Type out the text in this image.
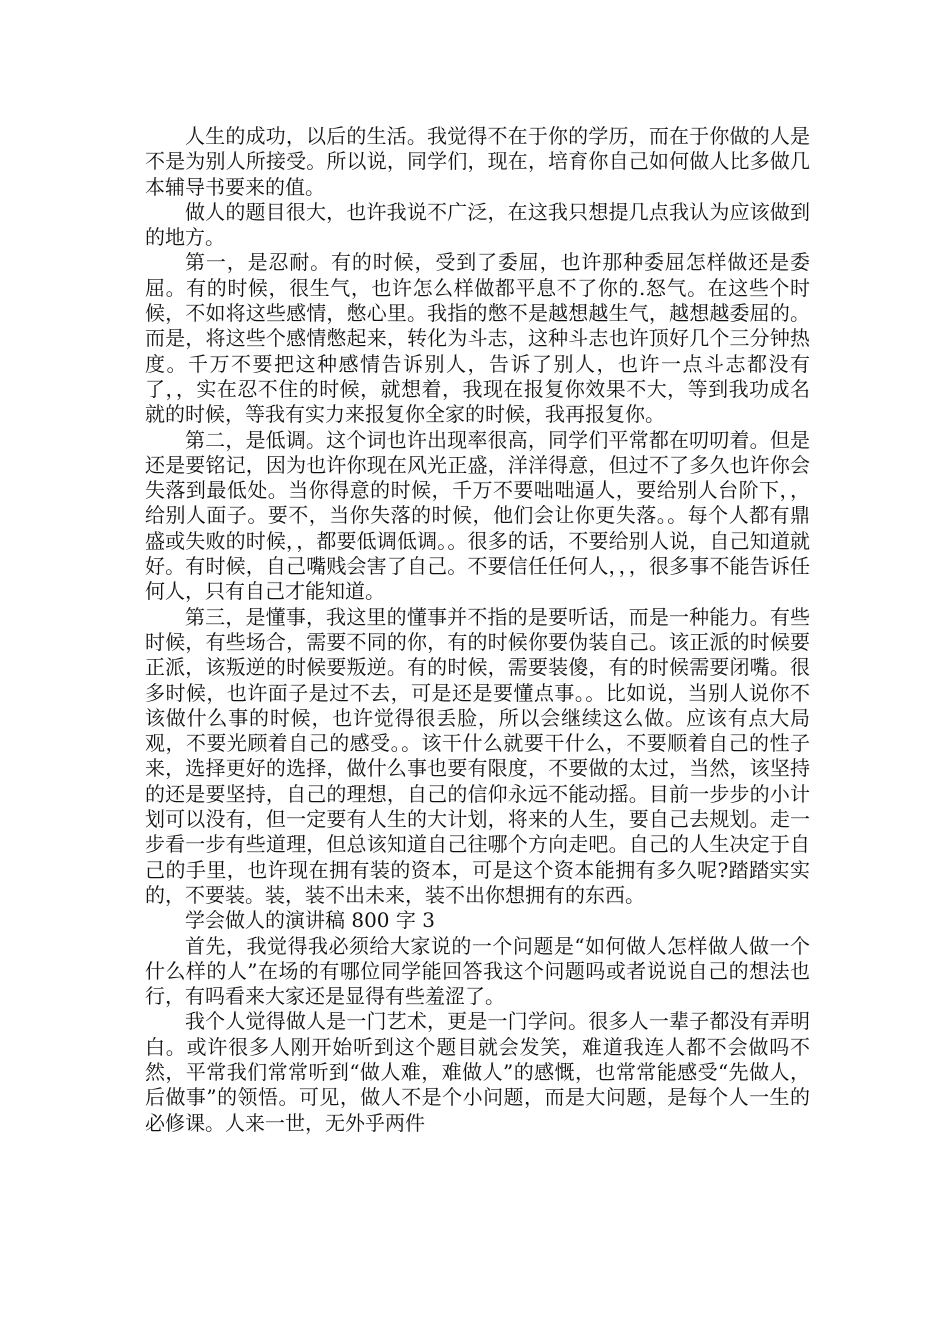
人生的成功，以后的生活。我觉得不在于你的学历，而在于你做的人是不是为别人所接受。所以说，同学们，现在，培育你自己如何做人比多做几本辅导书要来的值。

做人的题目很大，也许我说不广泛，在这我只想提几点我认为应该做到的地方。

第一，是忍耐。有的时候，受到了委屈，也许那种委屈怎样做还是委屈。有的时候，很生气，也许怎么样做都平息不了你的.怒气。在这些个时候，不如将这些感情，憋心里。我指的憋不是越想越生气，越想越委屈的。而是，将这些个感情憋起来，转化为斗志，这种斗志也许顶好几个三分钟热度。千万不要把这种感情告诉别人，告诉了别人，也许一点斗志都没有了，，实在忍不住的时候，就想着，我现在报复你效果不大，等到我功成名就的时候，等我有实力来报复你全家的时候，我再报复你。

第二，是低调。这个词也许出现率很高，同学们平常都在叨叨着。但是还是要铭记，因为也许你现在风光正盛，洋洋得意，但过不了多久也许你会失落到最低处。当你得意的时候，千万不要咄咄逼人，要给别人台阶下，，给别人面子。要不，当你失落的时候，他们会让你更失落。。每个人都有鼎盛或失败的时候，，都要低调低调。。很多的话，不要给别人说，自己知道就好。有时候，自己嘴贱会害了自己。不要信任任何人，，，很多事不能告诉任何人，只有自己才能知道。

第三，是懂事，我这里的懂事并不指的是要听话，而是一种能力。有些时候，有些场合，需要不同的你，有的时候你要伪装自己。该正派的时候要正派，该叛逆的时候要叛逆。有的时候，需要装傻，有的时候需要闭嘴。很多时候，也许面子是过不去，可是还是要懂点事。。比如说，当别人说你不该做什么事的时候，也许觉得很丢脸，所以会继续这么做。应该有点大局观，不要光顾着自己的感受。。该干什么就要干什么，不要顺着自己的性子来，选择更好的选择，做什么事也要有限度，不要做的太过，当然，该坚持的还是要坚持，自己的理想，自己的信仰永远不能动摇。目前一步步的小计划可以没有，但一定要有人生的大计划，将来的人生，要自己去规划。走一步看一步有些道理，但总该知道自己往哪个方向走吧。自己的人生决定于自己的手里，也许现在拥有装的资本，可是这个资本能拥有多久呢?踏踏实实的，不要装。装，装不出未来，装不出你想拥有的东西。

学会做人的演讲稿 800 字 3

首先，我觉得我必须给大家说的一个问题是“如何做人怎样做人做一个什么样的人”在场的有哪位同学能回答我这个问题吗或者说说自己的想法也行，有吗看来大家还是显得有些羞涩了。

我个人觉得做人是一门艺术，更是一门学问。很多人一辈子都没有弄明白。或许很多人刚开始听到这个题目就会发笑，难道我连人都不会做吗不然，平常我们常常听到“做人难，难做人”的感慨，也常常能感受“先做人，后做事”的领悟。可见，做人不是个小问题，而是大问题，是每个人一生的必修课。人来一世，无外乎两件
